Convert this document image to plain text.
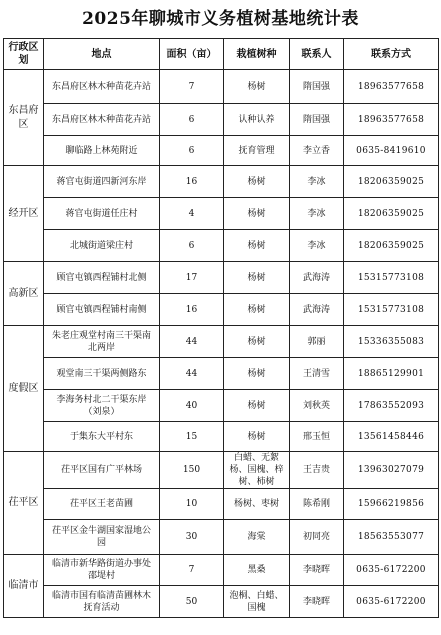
2025年聊城市义务植树基地统计表
行政区划	地点	面积（亩）	栽植树种	联系人	联系方式
东昌府区	东昌府区林木种苗花卉站	7	杨树	隋国强	18963577658
	东昌府区林木种苗花卉站	6	认种认养	隋国强	18963577658
	聊临路上林苑附近	6	抚育管理	李立香	0635-8419610
经开区	蒋官屯街道四新河东岸	16	杨树	李冰	18206359025
	蒋官屯街道任庄村	4	杨树	李冰	18206359025
	北城街道梁庄村	6	杨树	李冰	18206359025
高新区	顾官屯镇西程铺村北侧	17	杨树	武海涛	15315773108
	顾官屯镇西程铺村南侧	16	杨树	武海涛	15315773108
度假区	朱老庄观堂村南三干渠南北两岸	44	杨树	郭丽	15336355083
	观堂南三干渠两侧路东	44	杨树	王清雪	18865129901
	李海务村北二干渠东岸（刘泉）	40	杨树	刘秋英	17863552093
	于集东大平村东	15	杨树	邢玉恒	13561458446
茌平区	茌平区国有广平林场	150	白蜡、无絮杨、国槐、梓树、柿树	王吉贵	13963027079
	茌平区王老苗圃	10	杨树、枣树	陈希刚	15966219856
	茌平区金牛湖国家湿地公园	30	海棠	初同亮	18563553077
临清市	临清市新华路街道办事处邵堤村	7	黑桑	李晓晖	0635-6172200
	临清市国有临清苗圃林木抚育活动	50	泡桐、白蜡、国槐	李晓晖	0635-6172200
